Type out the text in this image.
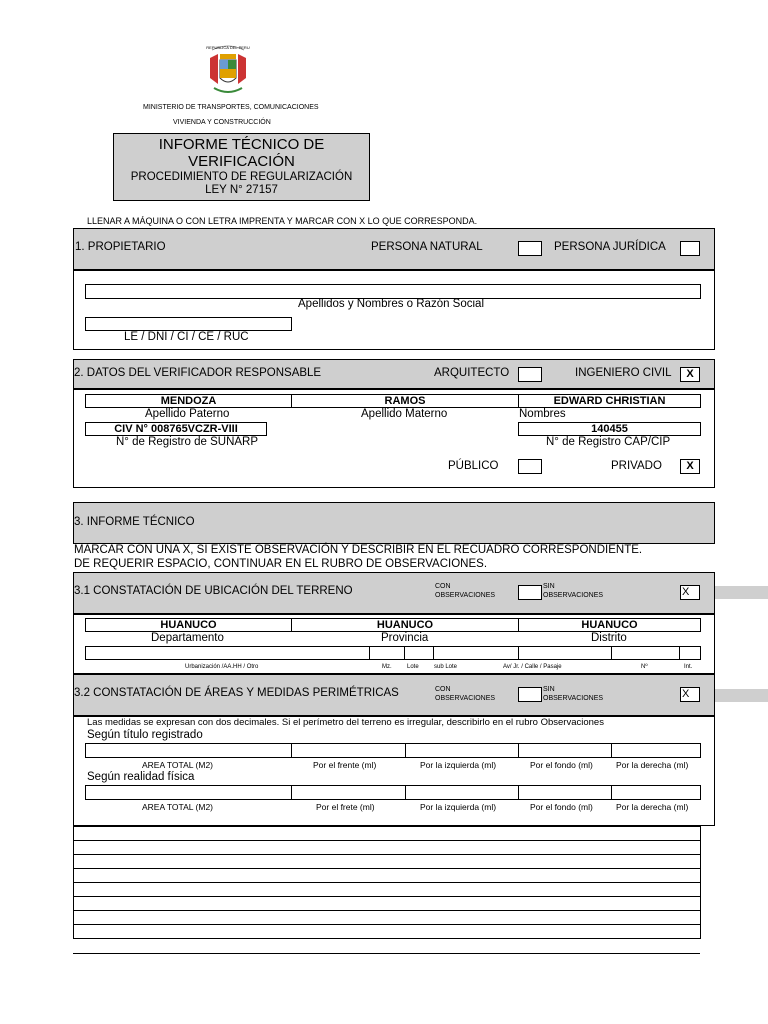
REPUBLICA DEL PERU
MINISTERIO DE TRANSPORTES, COMUNICACIONES
VIVIENDA Y CONSTRUCCIÓN
INFORME TÉCNICO DE
VERIFICACIÓN
PROCEDIMIENTO DE REGULARIZACIÓN
LEY N° 27157
LLENAR A MÁQUINA O CON LETRA IMPRENTA Y MARCAR CON X LO QUE CORRESPONDA.
1. PROPIETARIO	PERSONA NATURAL	PERSONA JURÍDICA
Apellidos y Nombres o Razón Social
LE / DNI / CI / CE / RUC
2. DATOS DEL VERIFICADOR RESPONSABLE	ARQUITECTO	INGENIERO CIVIL	X
MENDOZA	RAMOS	EDWARD CHRISTIAN
Apellido Paterno	Apellido Materno	Nombres
CIV N° 008765VCZR-VIII	140455
N° de Registro de SUNARP	N° de Registro CAP/CIP
PÚBLICO	PRIVADO	X
3. INFORME TÉCNICO
MARCAR CON UNA X, SI EXISTE OBSERVACIÓN Y DESCRIBIR EN EL RECUADRO CORRESPONDIENTE.
DE REQUERIR ESPACIO, CONTINUAR EN EL RUBRO DE OBSERVACIONES.
3.1 CONSTATACIÓN DE UBICACIÓN DEL TERRENO	CON
OBSERVACIONES
SIN
OBSERVACIONES	X
HUANUCO	HUANUCO	HUANUCO
Departamento	Provincia	Distrito
Urbanización /AA.HH / Otro	Mz.	Lote	sub Lote	Av/ Jr. / Calle / Pasaje	Nº	Int.
3.2 CONSTATACIÓN DE ÁREAS Y MEDIDAS PERIMÉTRICAS	CON
OBSERVACIONES
SIN
OBSERVACIONES	X
Las medidas se expresan con dos decimales. Si el perímetro del terreno es irregular, describirlo en el rubro Observaciones
Según título registrado
AREA TOTAL (M2)	Por el frente (ml)	Por la izquierda (ml)	Por el fondo (ml)	Por la derecha (ml)
Según realidad física
AREA TOTAL (M2)	Por el frete (ml)	Por la izquierda (ml)	Por el fondo (ml)	Por la derecha (ml)
